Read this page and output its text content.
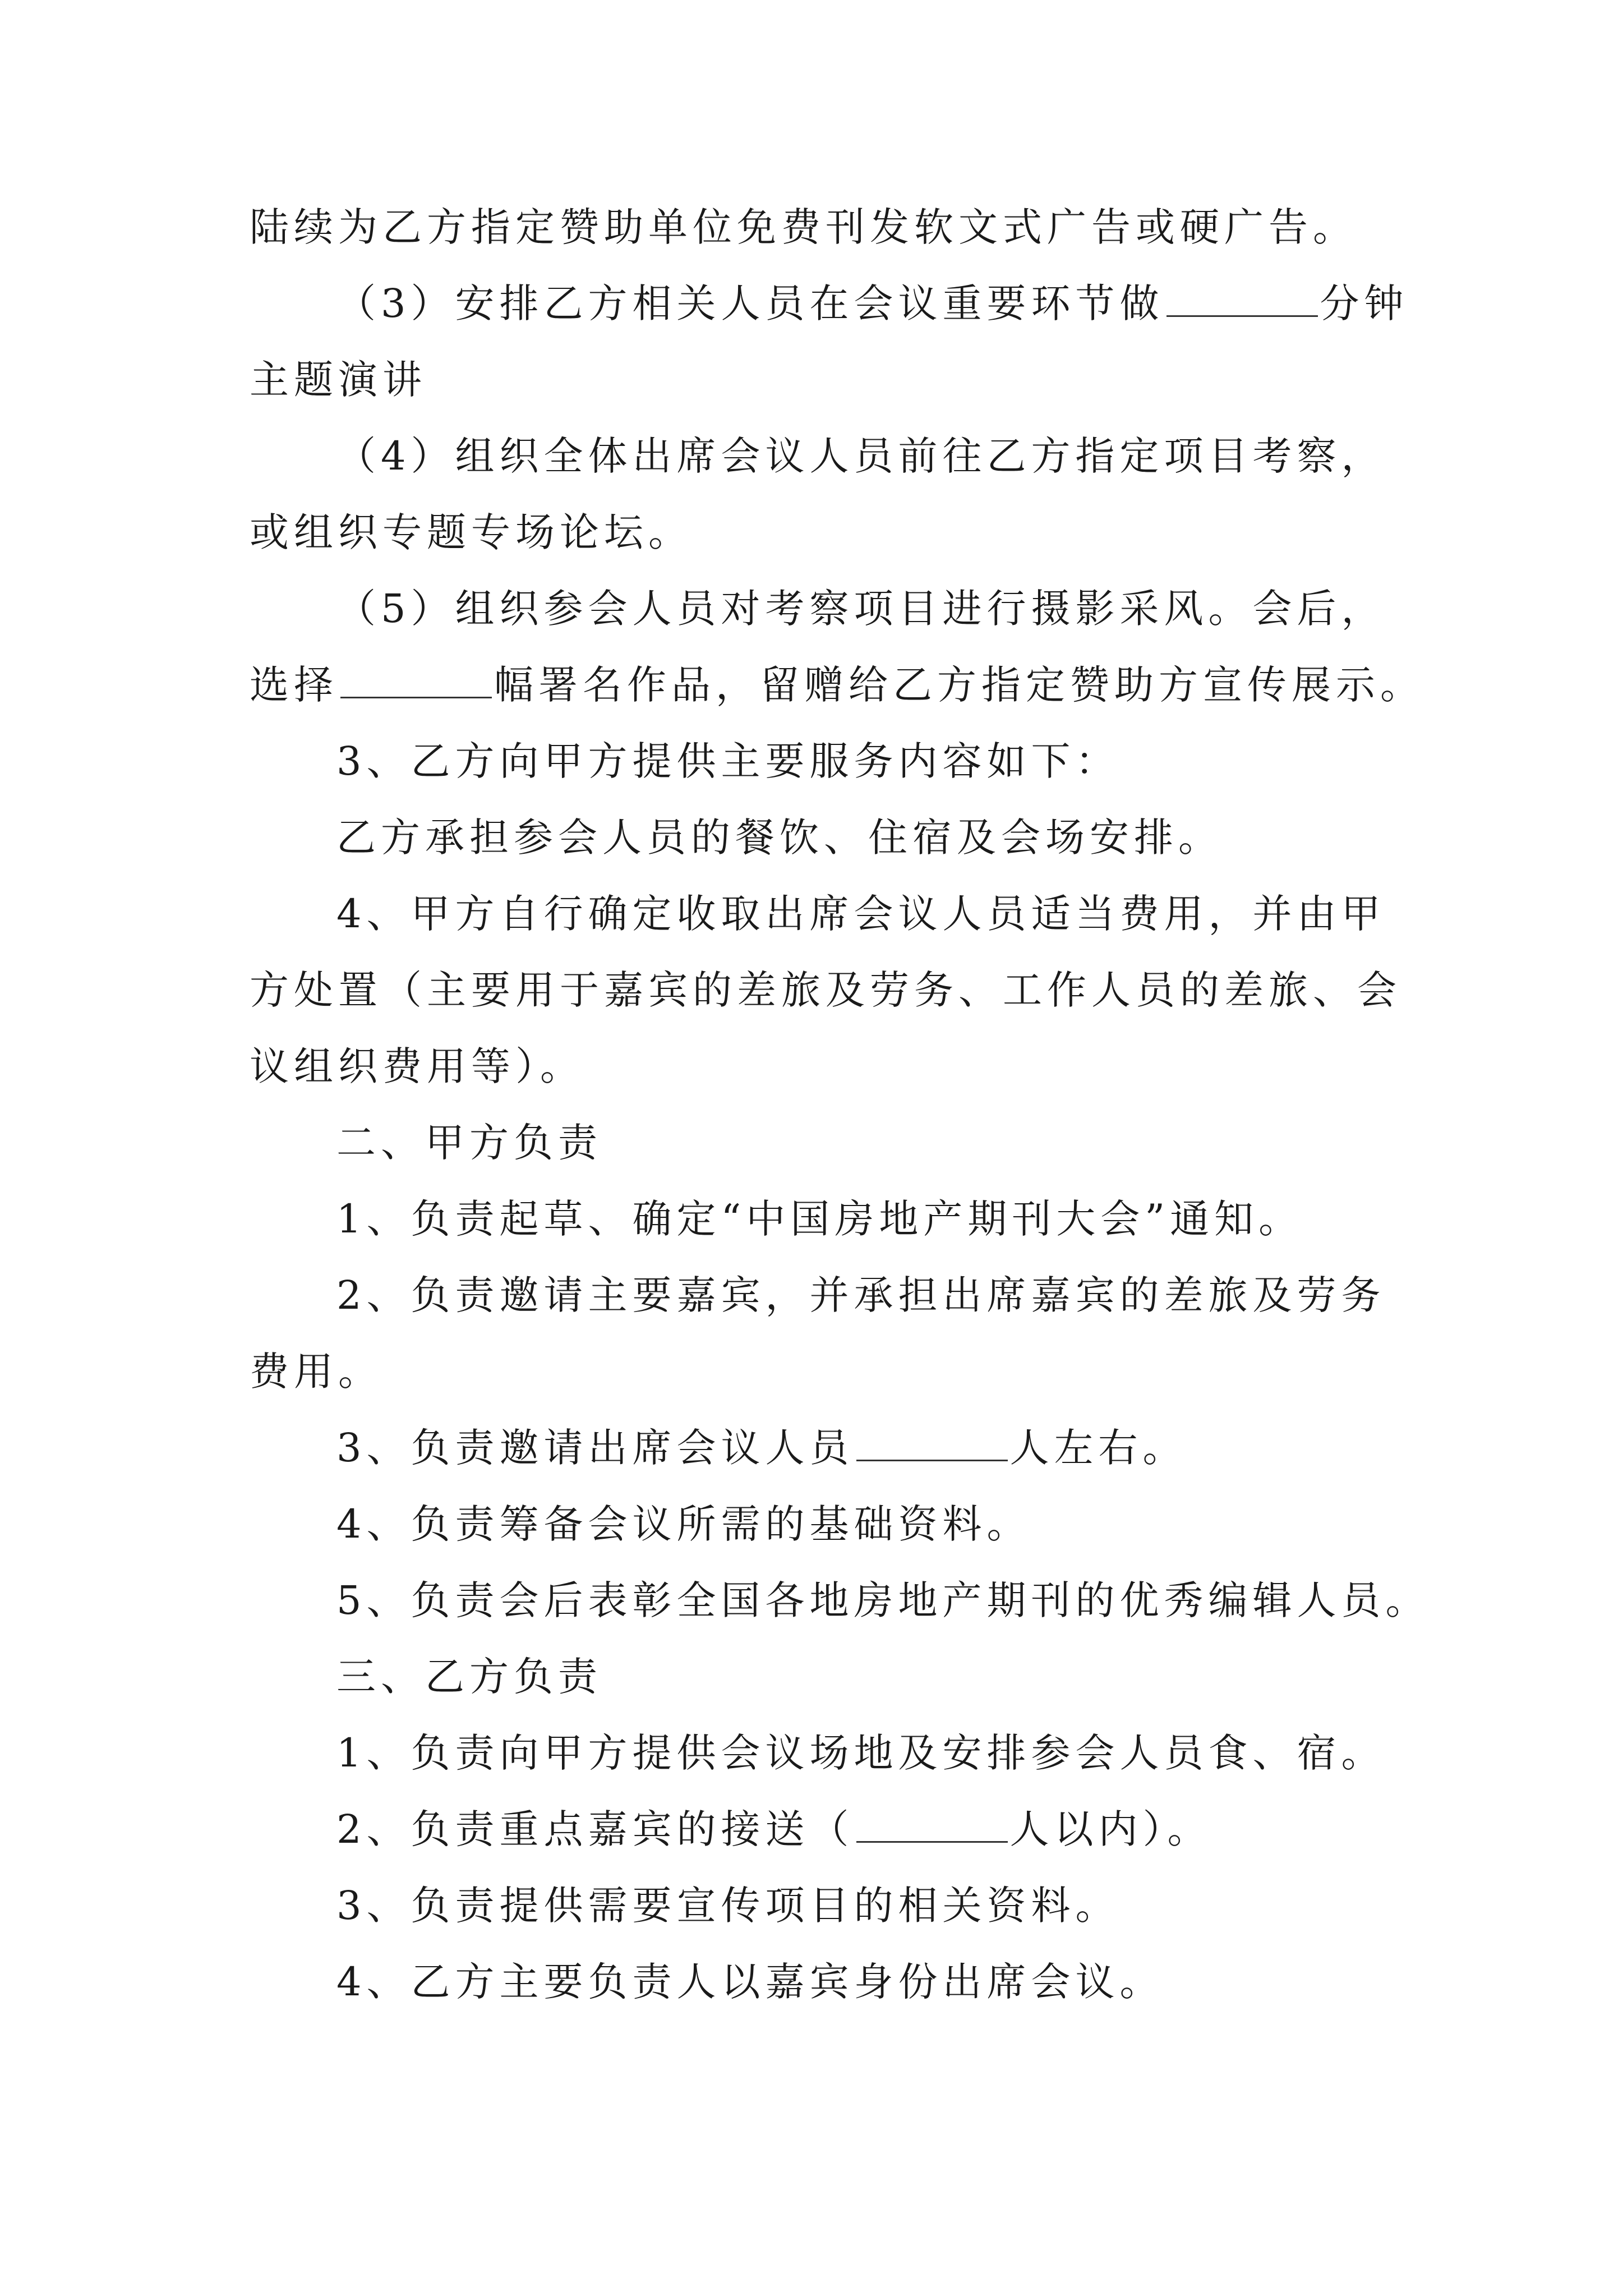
陆续为乙方指定赞助单位免费刊发软文式广告或硬广告。
（3）安排乙方相关人员在会议重要环节做	分钟
主题演讲
（4）组织全体出席会议人员前往乙方指定项目考察，
或组织专题专场论坛。
（5）组织参会人员对考察项目进行摄影采风。会后，
选择	幅署名作品，留赠给乙方指定赞助方宣传展示。
3、乙方向甲方提供主要服务内容如下：
乙方承担参会人员的餐饮、住宿及会场安排。
4、甲方自行确定收取出席会议人员适当费用，并由甲
方处置（主要用于嘉宾的差旅及劳务、工作人员的差旅、会
议组织费用等）。
二、甲方负责
1、负责起草、确定“中国房地产期刊大会”通知。
2、负责邀请主要嘉宾，并承担出席嘉宾的差旅及劳务
费用。
3、负责邀请出席会议人员	人左右。
4、负责筹备会议所需的基础资料。
5、负责会后表彰全国各地房地产期刊的优秀编辑人员。
三、乙方负责
1、负责向甲方提供会议场地及安排参会人员食、宿。
2、负责重点嘉宾的接送（	人以内）。
3、负责提供需要宣传项目的相关资料。
4、乙方主要负责人以嘉宾身份出席会议。
